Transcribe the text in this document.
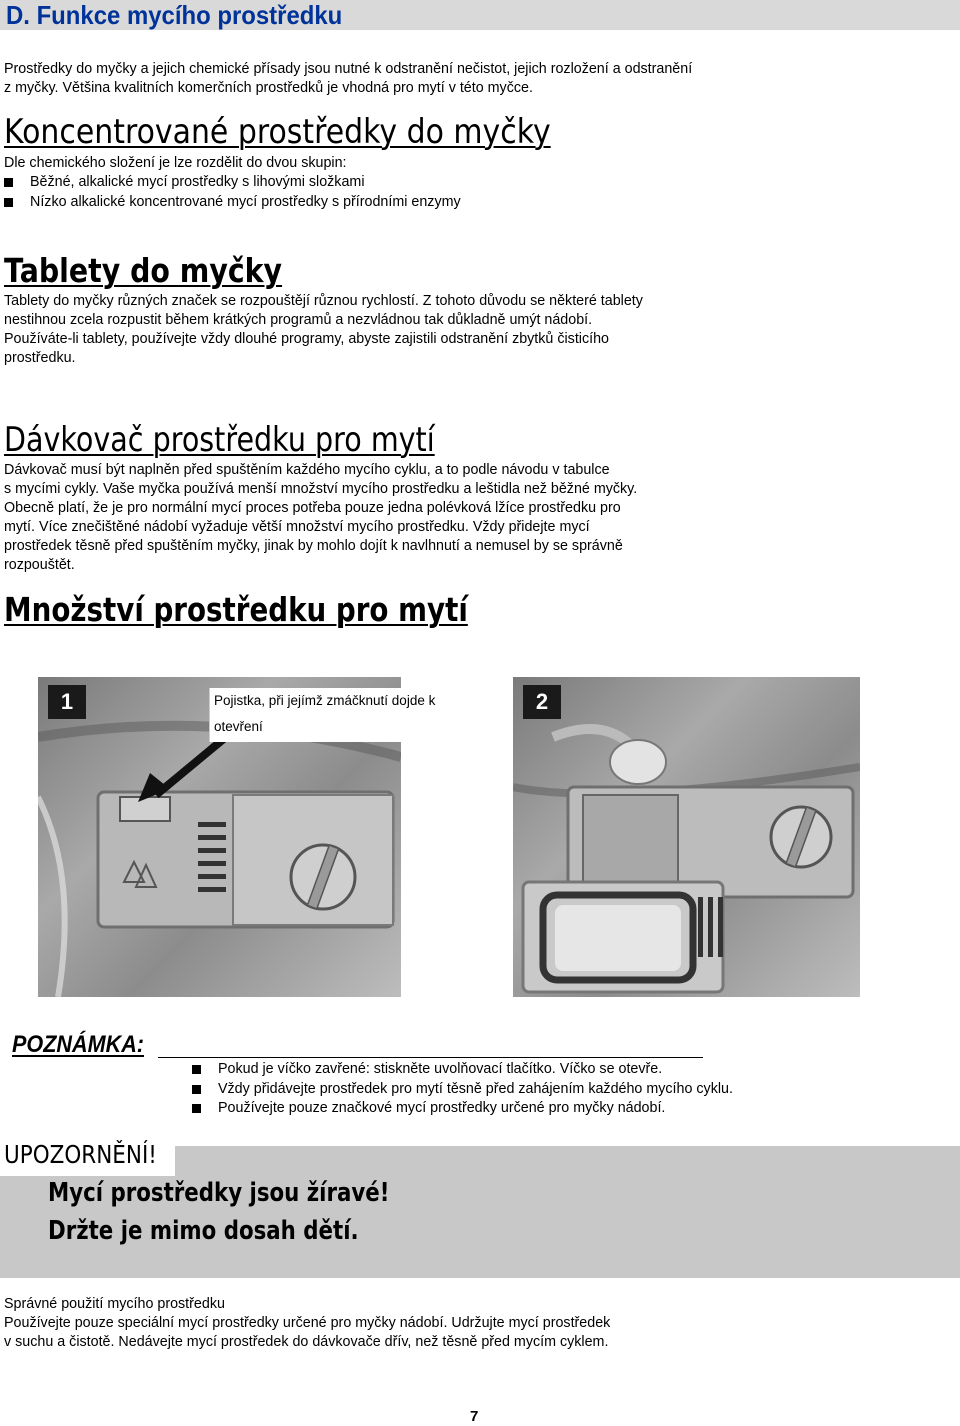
D. Funkce mycího prostředku

Prostředky do myčky a jejich chemické přísady jsou nutné k odstranění nečistot, jejich rozložení a odstranění

z myčky. Většina kvalitních komerčních prostředků je vhodná pro mytí v této myčce.

Koncentrované prostředky do myčky
Dle chemického složení je lze rozdělit do dvou skupin:
Běžné, alkalické mycí prostředky s lihovými složkami
Nízko alkalické koncentrované mycí prostředky s přírodními enzymy
Tablety do myčky

Tablety do myčky různých značek se rozpouštějí různou rychlostí. Z tohoto důvodu se některé tablety

nestihnou zcela rozpustit během krátkých programů a nezvládnou tak důkladně umýt nádobí.

Používáte-li tablety, používejte vždy dlouhé programy, abyste zajistili odstranění zbytků čisticího

prostředku.

Dávkovač prostředku pro mytí

Dávkovač musí být naplněn před spuštěním každého mycího cyklu, a to podle návodu v tabulce

s mycími cykly. Vaše myčka používá menší množství mycího prostředku a leštidla než běžné myčky.

Obecně platí, že je pro normální mycí proces potřeba pouze jedna polévková lžíce prostředku pro

mytí. Více znečištěné nádobí vyžaduje větší množství mycího prostředku. Vždy přidejte mycí

prostředek těsně před spuštěním myčky, jinak by mohlo dojít k navlhnutí a nemusel by se správně

rozpouštět.

Množství prostředku pro mytí
1	Pojistka, při jejímž zmáčknutí dojde k
otevření
2
POZNÁMKA:
Pokud je víčko zavřené: stiskněte uvolňovací tlačítko. Víčko se otevře.
Vždy přidávejte prostředek pro mytí těsně před zahájením každého mycího cyklu.
Používejte pouze značkové mycí prostředky určené pro myčky nádobí.
UPOZORNĚNÍ!
Mycí prostředky jsou žíravé!
Držte je mimo dosah dětí.

Správné použití mycího prostředku

Používejte pouze speciální mycí prostředky určené pro myčky nádobí. Udržujte mycí prostředek

v suchu a čistotě. Nedávejte mycí prostředek do dávkovače dřív, než těsně před mycím cyklem.

7
